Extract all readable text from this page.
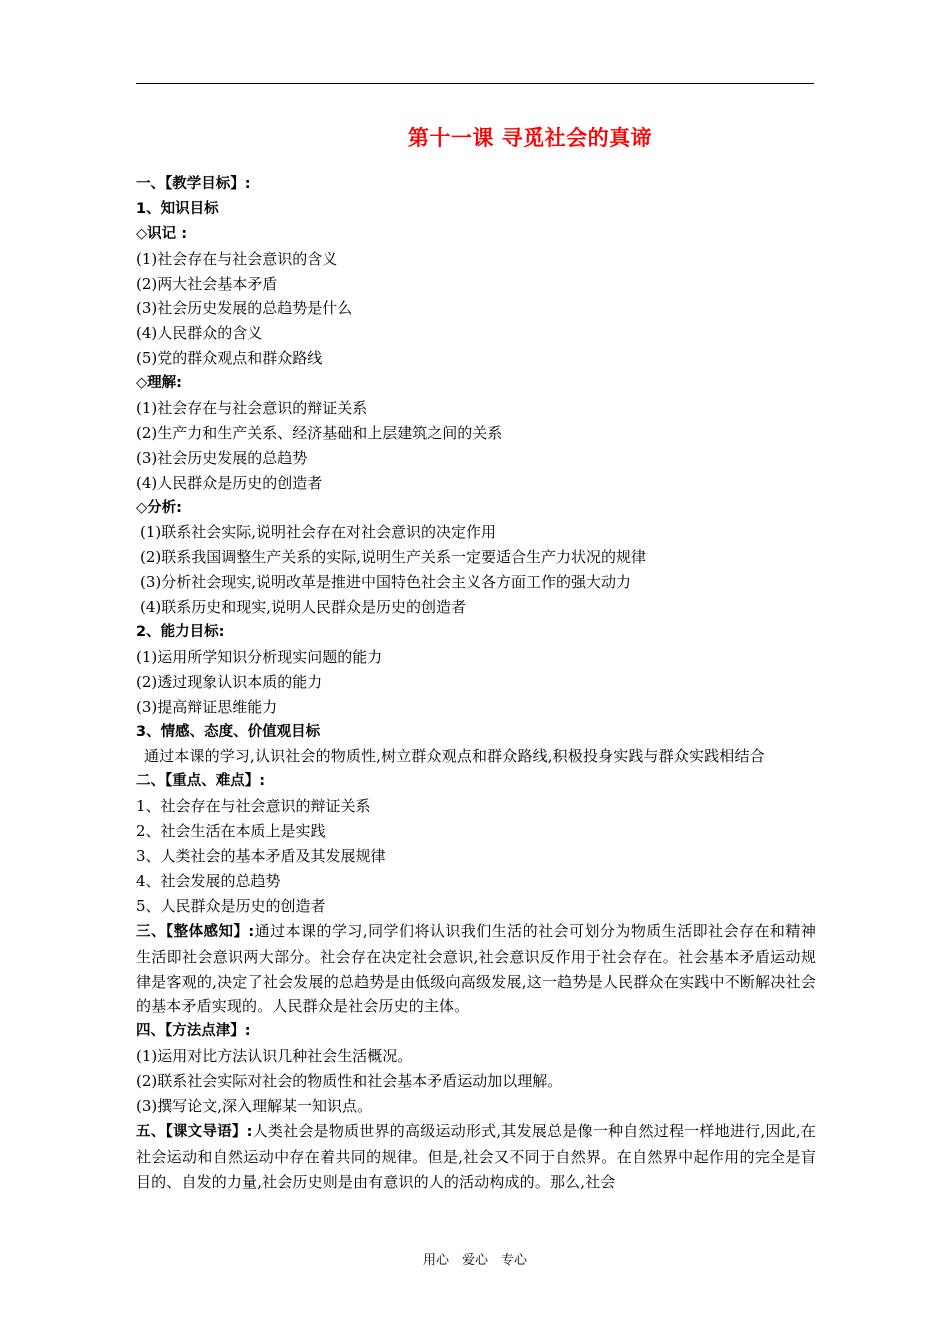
第十一课 寻觅社会的真谛
一、【教学目标】:
1、知识目标
◇识记 :
(1)社会存在与社会意识的含义
(2)两大社会基本矛盾
(3)社会历史发展的总趋势是什么
(4)人民群众的含义
(5)党的群众观点和群众路线
◇理解:
(1)社会存在与社会意识的辩证关系
(2)生产力和生产关系、经济基础和上层建筑之间的关系
(3)社会历史发展的总趋势
(4)人民群众是历史的创造者
◇分析:
(1)联系社会实际,说明社会存在对社会意识的决定作用
(2)联系我国调整生产关系的实际,说明生产关系一定要适合生产力状况的规律
(3)分析社会现实,说明改革是推进中国特色社会主义各方面工作的强大动力
(4)联系历史和现实,说明人民群众是历史的创造者
2、能力目标:
(1)运用所学知识分析现实问题的能力
(2)透过现象认识本质的能力
(3)提高辩证思维能力
3、情感、态度、价值观目标
通过本课的学习,认识社会的物质性,树立群众观点和群众路线,积极投身实践与群众实践相结合
二、【重点、难点】:
1、社会存在与社会意识的辩证关系
2、社会生活在本质上是实践
3、人类社会的基本矛盾及其发展规律
4、社会发展的总趋势
5、人民群众是历史的创造者
三、【整体感知】:通过本课的学习,同学们将认识我们生活的社会可划分为物质生活即社会存在和精神生活即社会意识两大部分。社会存在决定社会意识,社会意识反作用于社会存在。社会基本矛盾运动规律是客观的,决定了社会发展的总趋势是由低级向高级发展,这一趋势是人民群众在实践中不断解决社会的基本矛盾实现的。人民群众是社会历史的主体。
四、【方法点津】:
(1)运用对比方法认识几种社会生活概况。
(2)联系社会实际对社会的物质性和社会基本矛盾运动加以理解。
(3)撰写论文,深入理解某一知识点。
五、【课文导语】:人类社会是物质世界的高级运动形式,其发展总是像一种自然过程一样地进行,因此,在社会运动和自然运动中存在着共同的规律。但是,社会又不同于自然界。在自然界中起作用的完全是盲目的、自发的力量,社会历史则是由有意识的人的活动构成的。那么,社会
用心　爱心　专心
